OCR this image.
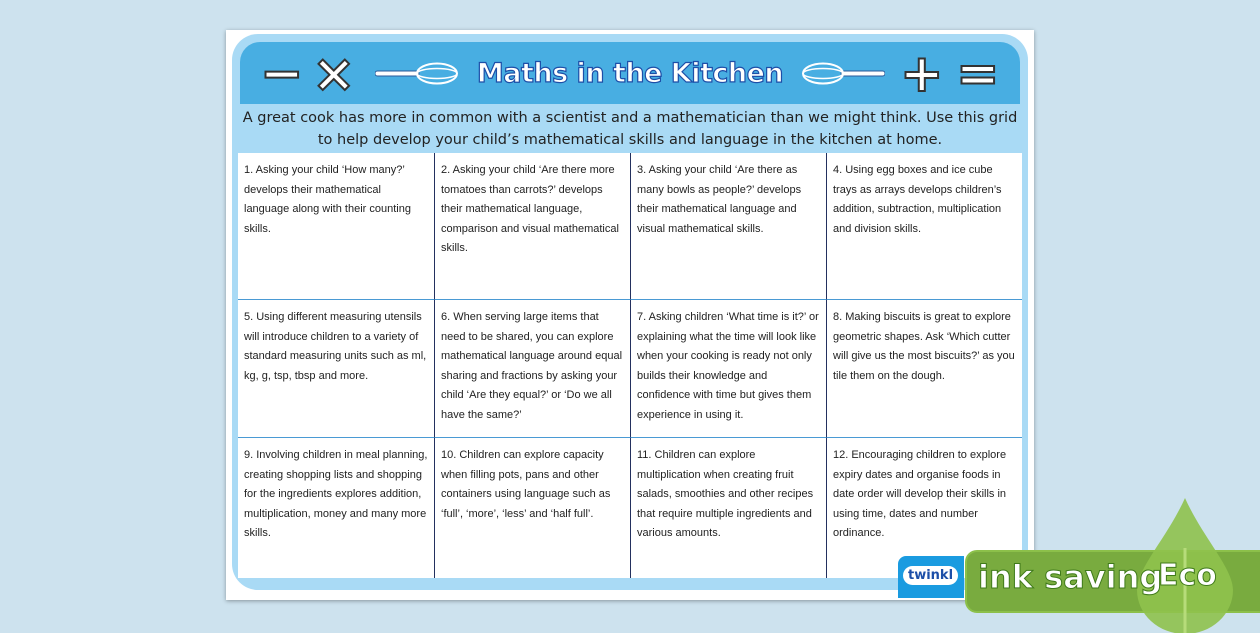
− ×	Maths in the Kitchen + =
A great cook has more in common with a scientist and a mathematician than we might think. Use this grid to help develop your child’s mathematical skills and language in the kitchen at home.
1. Asking your child ‘How many?’ develops their mathematical language along with their counting skills.
2. Asking your child ‘Are there more tomatoes than carrots?’ develops their mathematical language, comparison and visual mathematical skills.
3. Asking your child ‘Are there as many bowls as people?’ develops their mathematical language and visual mathematical skills.
4. Using egg boxes and ice cube trays as arrays develops children’s addition, subtraction, multiplication and division skills.
5. Using different measuring utensils will introduce children to a variety of standard measuring units such as ml, kg, g, tsp, tbsp and more.
6. When serving large items that need to be shared, you can explore mathematical language around equal sharing and fractions by asking your child ‘Are they equal?’ or ‘Do we all have the same?’
7. Asking children ‘What time is it?’ or explaining what the time will look like when your cooking is ready not only builds their knowledge and confidence with time but gives them experience in using it.
8. Making biscuits is great to explore geometric shapes. Ask ‘Which cutter will give us the most biscuits?’ as you tile them on the dough.
9. Involving children in meal planning, creating shopping lists and shopping for the ingredients explores addition, multiplication, money and many more skills.
10. Children can explore capacity when filling pots, pans and other containers using language such as ‘full’, ‘more’, ‘less’ and ‘half full’.
11. Children can explore multiplication when creating fruit salads, smoothies and other recipes that require multiple ingredients and various amounts.
12. Encouraging children to explore expiry dates and organise foods in date order will develop their skills in using time, dates and number ordinance.
twinkl ink saving
Eco
